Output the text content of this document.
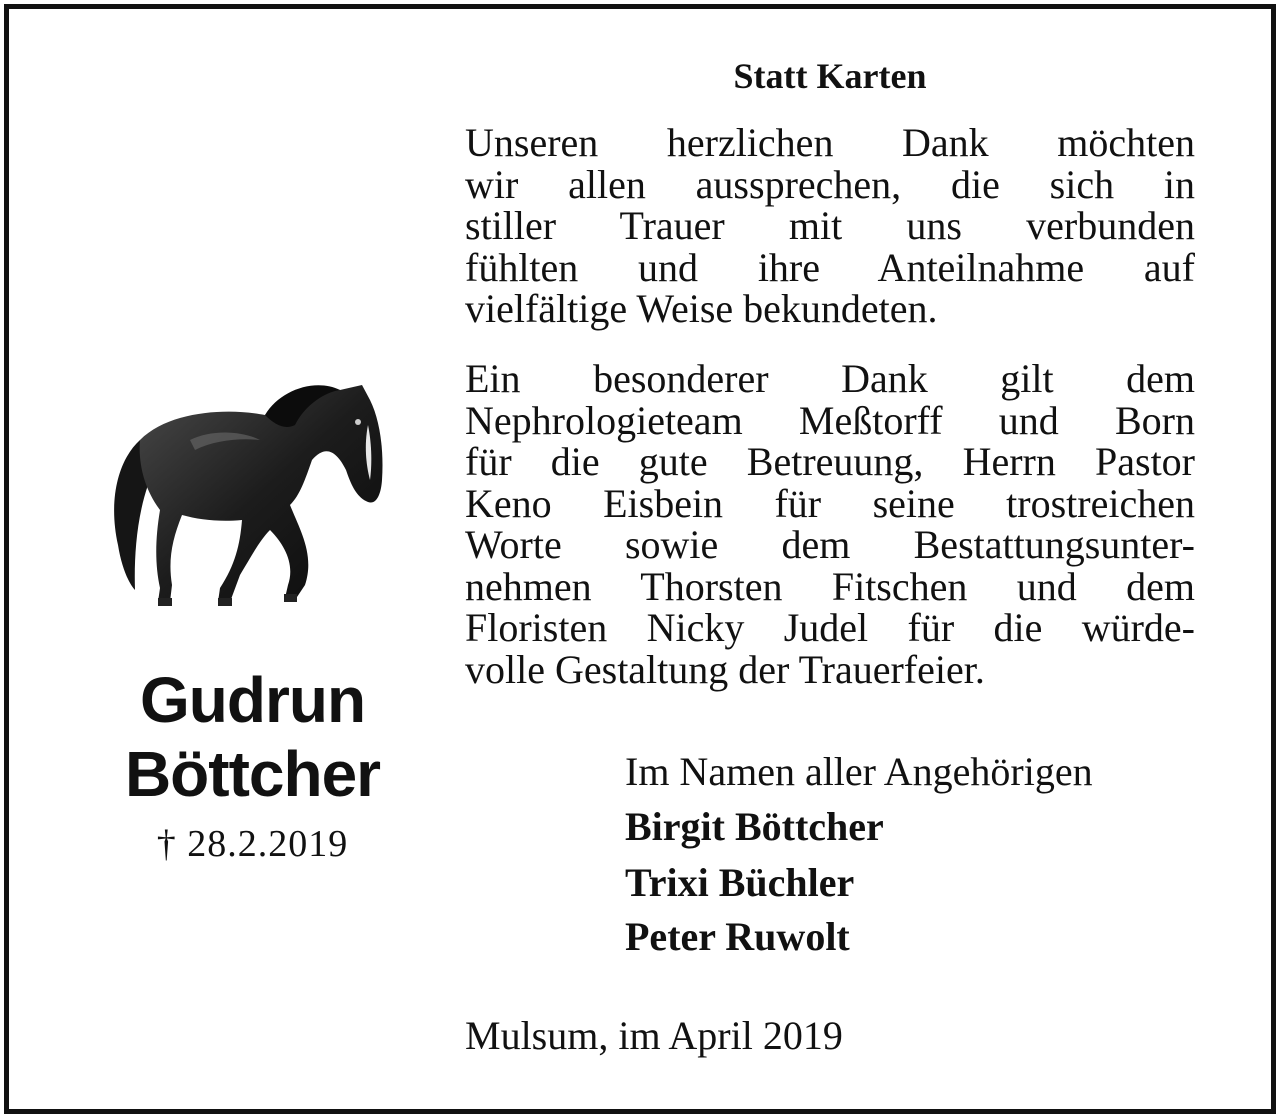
Gudrun
Böttcher
† 28.2.2019
Statt Karten

Unseren herzlichen Dank möchten
wir allen aussprechen, die sich in
stiller Trauer mit uns verbunden
fühlten und ihre Anteilnahme auf
vielfältige Weise bekundeten.

Ein besonderer Dank gilt dem
Nephrologieteam Meßtorff und Born
für die gute Betreuung, Herrn Pastor
Keno Eisbein für seine trostreichen
Worte sowie dem Bestattungsunter-
nehmen Thorsten Fitschen und dem
Floristen Nicky Judel für die würde-
volle Gestaltung der Trauerfeier.

Im Namen aller Angehörigen

Birgit Böttcher

Trixi Büchler

Peter Ruwolt

Mulsum, im April 2019
